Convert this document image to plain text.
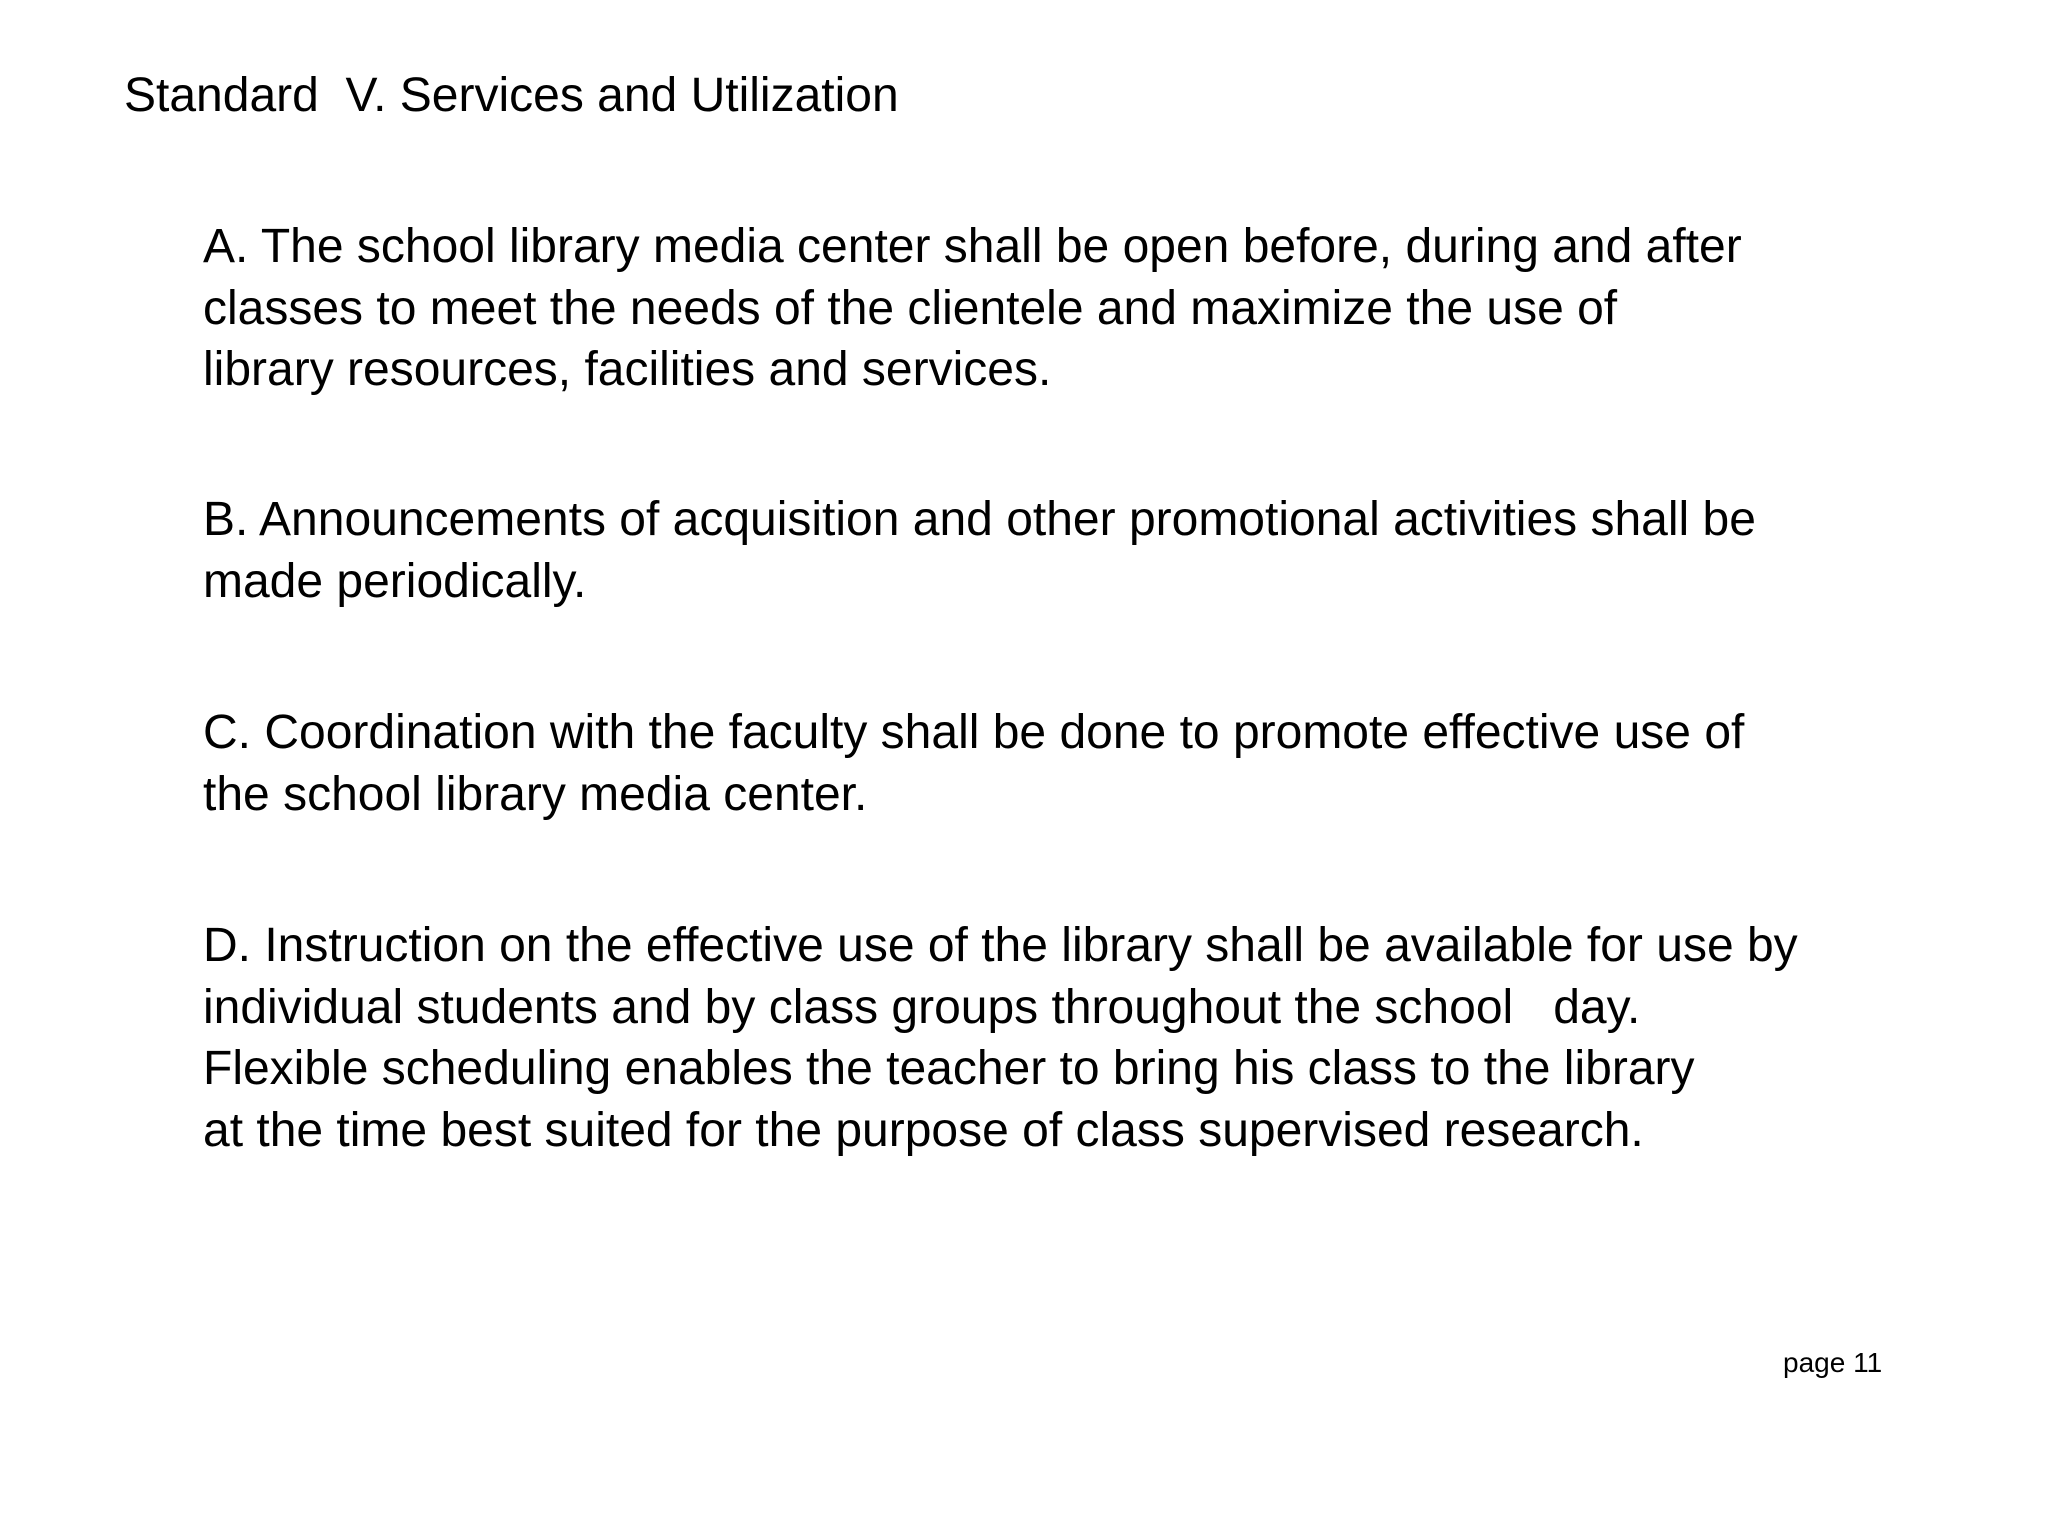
Standard  V. Services and Utilization
A. The school library media center shall be open before, during and after
classes to meet the needs of the clientele and maximize the use of
library resources, facilities and services.
B. Announcements of acquisition and other promotional activities shall be
made periodically.
C. Coordination with the faculty shall be done to promote effective use of
the school library media center.
D. Instruction on the effective use of the library shall be available for use by
individual students and by class groups throughout the school   day.
Flexible scheduling enables the teacher to bring his class to the library
at the time best suited for the purpose of class supervised research.
page 11
